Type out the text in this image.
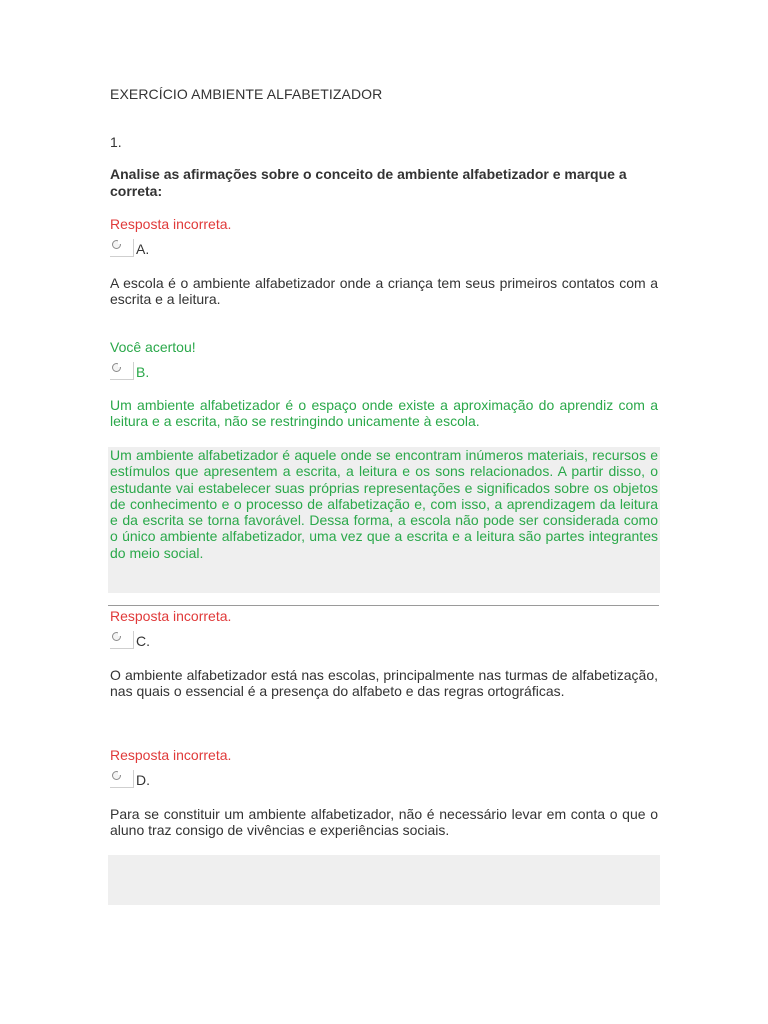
EXERCÍCIO AMBIENTE ALFABETIZADOR
1.
Analise as afirmações sobre o conceito de ambiente alfabetizador e marque a correta:
Resposta incorreta.
A.
A escola é o ambiente alfabetizador onde a criança tem seus primeiros contatos com a escrita e a leitura.
Você acertou!
B.
Um ambiente alfabetizador é o espaço onde existe a aproximação do aprendiz com a leitura e a escrita, não se restringindo unicamente à escola.
Um ambiente alfabetizador é aquele onde se encontram inúmeros materiais, recursos e estímulos que apresentem a escrita, a leitura e os sons relacionados. A partir disso, o estudante vai estabelecer suas próprias representações e significados sobre os objetos de conhecimento e o processo de alfabetização e, com isso, a aprendizagem da leitura e da escrita se torna favorável. Dessa forma, a escola não pode ser considerada como o único ambiente alfabetizador, uma vez que a escrita e a leitura são partes integrantes do meio social.
Resposta incorreta.
C.
O ambiente alfabetizador está nas escolas, principalmente nas turmas de alfabetização, nas quais o essencial é a presença do alfabeto e das regras ortográficas.
Resposta incorreta.
D.
Para se constituir um ambiente alfabetizador, não é necessário levar em conta o que o aluno traz consigo de vivências e experiências sociais.
